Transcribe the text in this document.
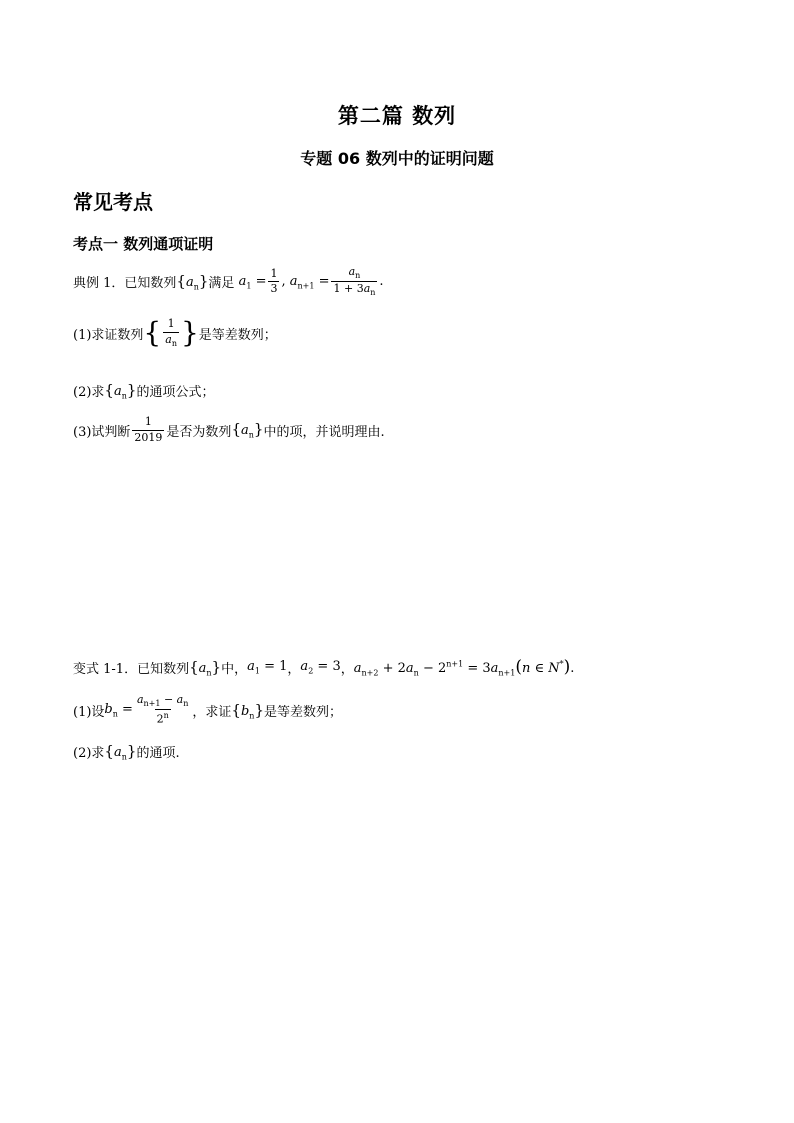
第二篇 数列
专题 06 数列中的证明问题
常见考点
考点一 数列通项证明
典例 1．已知数列 $\{a_n\}$ 满足 $a_1 = \frac{1}{3}$ , $a_{n+1} = \frac{a_n}{1 + 3a_n}$ .
(1)求证数列 { $\frac{1}{a_n}$ } 是等差数列；
(2)求 $\{a_n\}$ 的通项公式；
(3)试判断 $\frac{1}{2019}$ 是否为数列 $\{a_n\}$ 中的项，并说明理由.
变式 1-1．已知数列 $\{a_n\}$ 中， $a_1 = 1$ ， $a_2 = 3$ ， $a_{n+2} + 2a_n - 2^{n+1} = 3a_{n+1}(n$ ∈ N*).
(1)设 $b_n = \frac{a_{n+1} - a_n}{2^n}$ ，求证 $\{b_n\}$ 是等差数列；
(2)求 $\{a_n\}$ 的通项.
